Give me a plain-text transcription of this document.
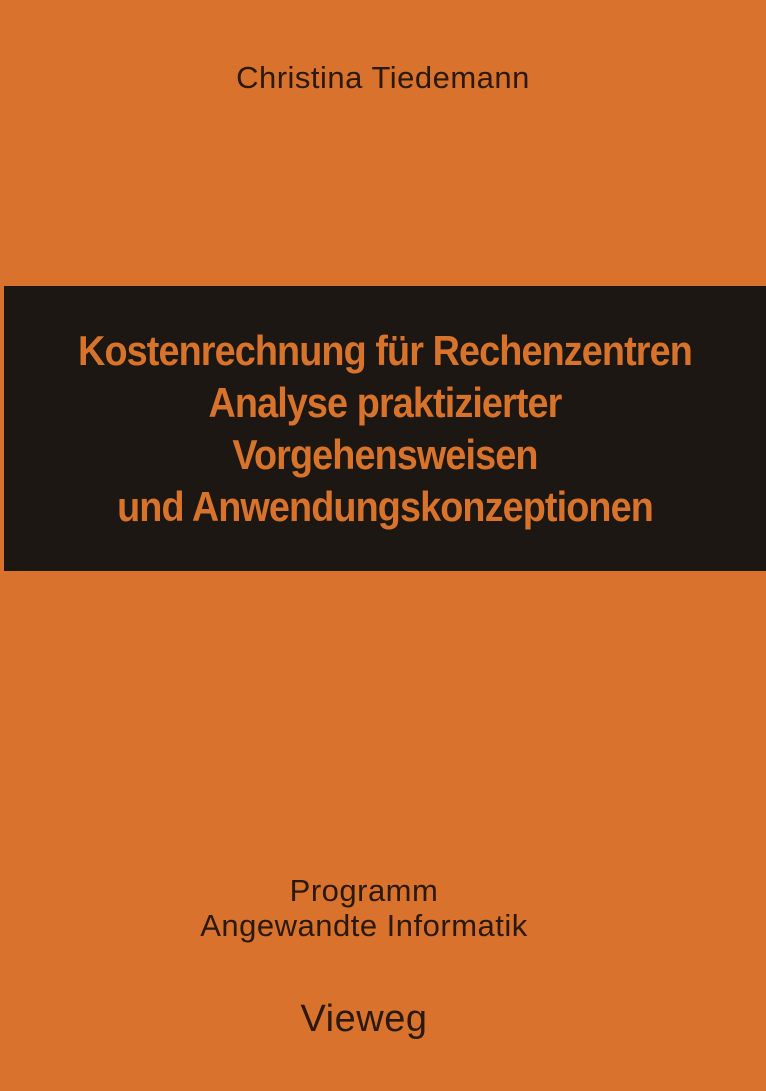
Christina Tiedemann
Kostenrechnung für Rechenzentren
Analyse praktizierter
Vorgehensweisen
und Anwendungskonzeptionen
Programm
Angewandte Informatik
Vieweg
